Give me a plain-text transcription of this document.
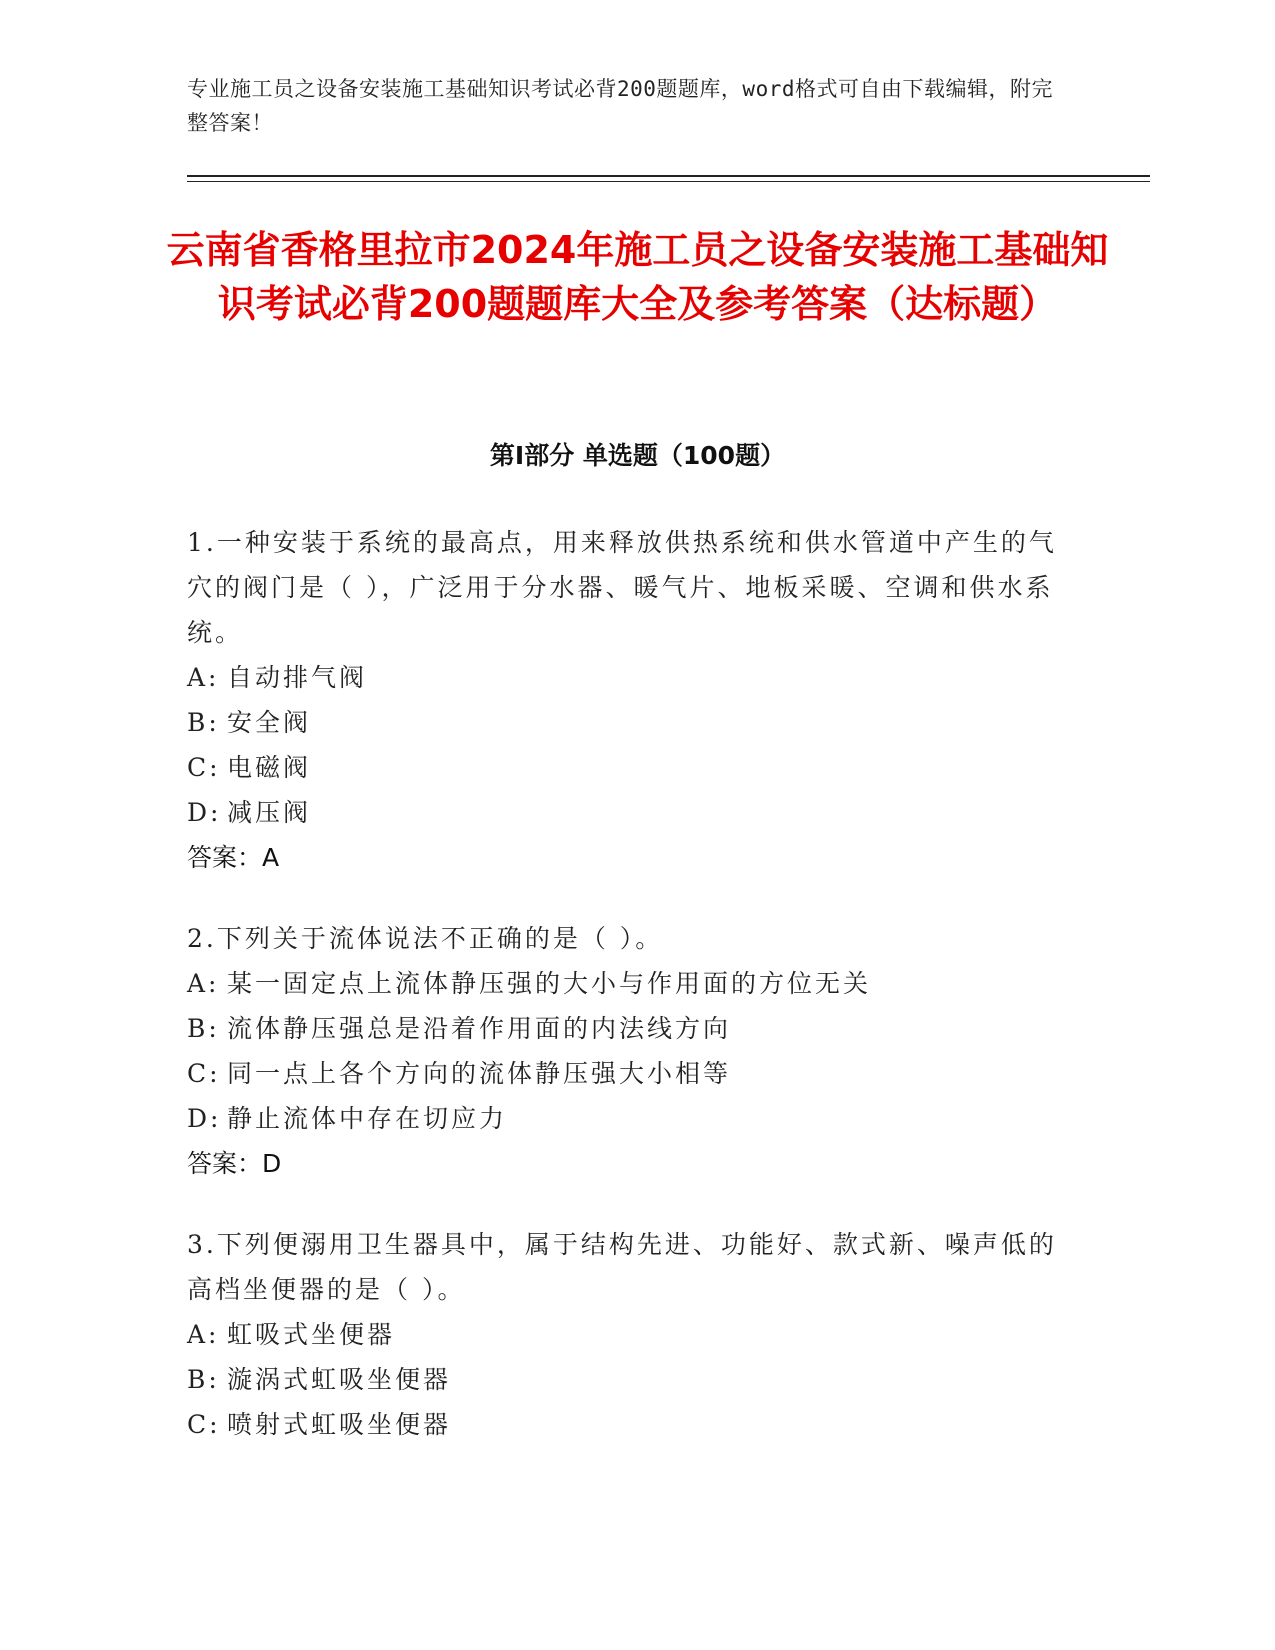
专业施工员之设备安装施工基础知识考试必背200题题库，word格式可自由下载编辑，附完整答案！
云南省香格里拉市2024年施工员之设备安装施工基础知识考试必背200题题库大全及参考答案（达标题）
第Ⅰ部分 单选题（100题）
1.一种安装于系统的最高点，用来释放供热系统和供水管道中产生的气穴的阀门是（ ），广泛用于分水器、暖气片、地板采暖、空调和供水系统。
A: 自动排气阀
B: 安全阀
C: 电磁阀
D: 减压阀
答案：A
2.下列关于流体说法不正确的是（ ）。
A: 某一固定点上流体静压强的大小与作用面的方位无关
B: 流体静压强总是沿着作用面的内法线方向
C: 同一点上各个方向的流体静压强大小相等
D: 静止流体中存在切应力
答案：D
3.下列便溺用卫生器具中，属于结构先进、功能好、款式新、噪声低的高档坐便器的是（ ）。
A: 虹吸式坐便器
B: 漩涡式虹吸坐便器
C: 喷射式虹吸坐便器
